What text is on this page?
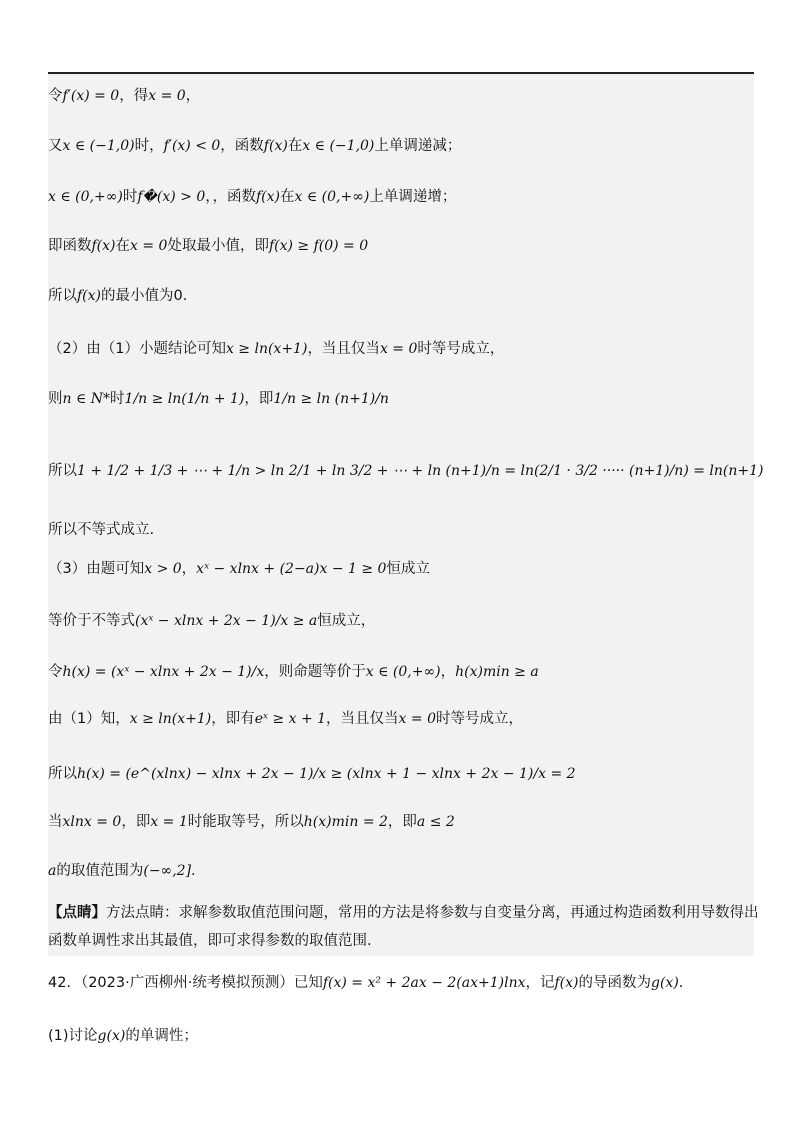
令f′(x) = 0，得x = 0，
又x ∈ (−1,0)时，f′(x) < 0，函数f(x)在x ∈ (−1,0)上单调递减；
x ∈ (0,+∞)时f�(x) > 0，，函数f(x)在x ∈ (0,+∞)上单调递增；
即函数f(x)在x = 0处取最小值，即f(x) ≥ f(0) = 0
所以f(x)的最小值为0.
（2）由（1）小题结论可知x ≥ ln(x+1)，当且仅当x = 0时等号成立，
则n ∈ N*时1/n ≥ ln(1/n + 1)，即1/n ≥ ln (n+1)/n
所以1 + 1/2 + 1/3 + ⋯ + 1/n > ln 2/1 + ln 3/2 + ⋯ + ln (n+1)/n = ln(2/1 · 3/2 ····· (n+1)/n) = ln(n+1)
所以不等式成立.
（3）由题可知x > 0，xˣ − xlnx + (2−a)x − 1 ≥ 0恒成立
等价于不等式(xˣ − xlnx + 2x − 1)/x ≥ a恒成立，
令h(x) = (xˣ − xlnx + 2x − 1)/x，则命题等价于x ∈ (0,+∞)，h(x)min ≥ a
由（1）知，x ≥ ln(x+1)，即有eˣ ≥ x + 1，当且仅当x = 0时等号成立，
所以h(x) = (e^(xlnx) − xlnx + 2x − 1)/x ≥ (xlnx + 1 − xlnx + 2x − 1)/x = 2
当xlnx = 0，即x = 1时能取等号，所以h(x)min = 2，即a ≤ 2
a的取值范围为(−∞,2].
【点睛】方法点睛：求解参数取值范围问题，常用的方法是将参数与自变量分离，再通过构造函数利用导数得出
函数单调性求出其最值，即可求得参数的取值范围.
42．（2023·广西柳州·统考模拟预测）已知f(x) = x² + 2ax − 2(ax+1)lnx，记f(x)的导函数为g(x).
(1)讨论g(x)的单调性；
